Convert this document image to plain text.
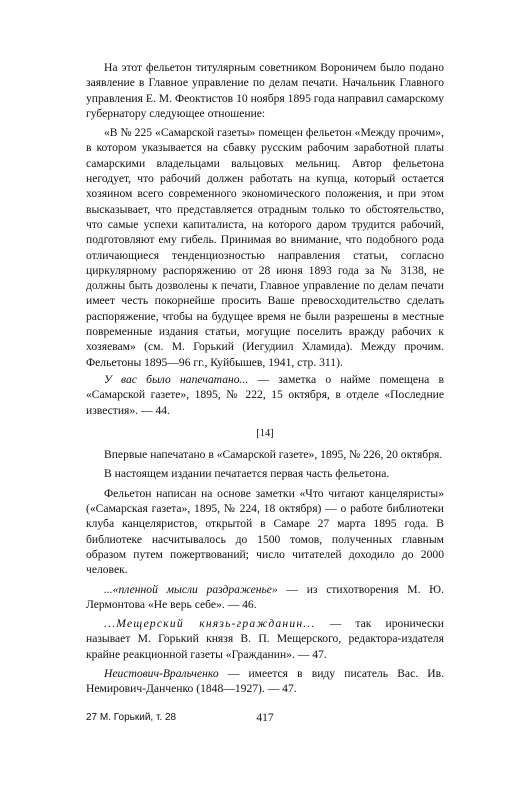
На этот фельетон титулярным советником Вороничем было подано заявление в Главное управление по делам печати. Начальник Главного управления Е. М. Феоктистов 10 ноября 1895 года направил самарскому губернатору следующее отношение:

«В № 225 «Самарской газеты» помещен фельетон «Между прочим», в котором указывается на сбавку русским рабочим заработной платы самарскими владельцами вальцовых мельниц. Автор фельетона негодует, что рабочий должен работать на купца, который остается хозяином всего современного экономического положения, и при этом высказывает, что представляется отрадным только то обстоятельство, что самые успехи капиталиста, на которого даром трудится рабочий, подготовляют ему гибель. Принимая во внимание, что подобного рода отличающиеся тенденциозностью направления статьи, согласно циркулярному распоряжению от 28 июня 1893 года за № 3138, не должны быть дозволены к печати, Главное управление по делам печати имеет честь покорнейше просить Ваше превосходительство сделать распоряжение, чтобы на будущее время не были разрешены в местные повременные издания статьи, могущие поселить вражду рабочих к хозяевам» (см. М. Горький (Иегудиил Хламида). Между прочим. Фельетоны 1895—96 гг., Куйбышев, 1941, стр. 311).

У вас было напечатано... — заметка о найме помещена в «Самарской газете», 1895, № 222, 15 октября, в отделе «Последние известия». — 44.

[14]

Впервые напечатано в «Самарской газете», 1895, № 226, 20 октября.

В настоящем издании печатается первая часть фельетона.

Фельетон написан на основе заметки «Что читают канцеляристы» («Самарская газета», 1895, № 224, 18 октября) — о работе библиотеки клуба канцеляристов, открытой в Самаре 27 марта 1895 года. В библиотеке насчитывалось до 1500 томов, полученных главным образом путем пожертвований; число читателей доходило до 2000 человек.

...«пленной мысли раздраженье» — из стихотворения М. Ю. Лермонтова «Не верь себе». — 46.

...Мещерский князь-гражданин... — так иронически называет М. Горький князя В. П. Мещерского, редактора-издателя крайне реакционной газеты «Гражданин». — 47.

Неистович-Вральченко — имеется в виду писатель Вас. Ив. Немирович-Данченко (1848—1927). — 47.

27 М. Горький, т. 28	417
